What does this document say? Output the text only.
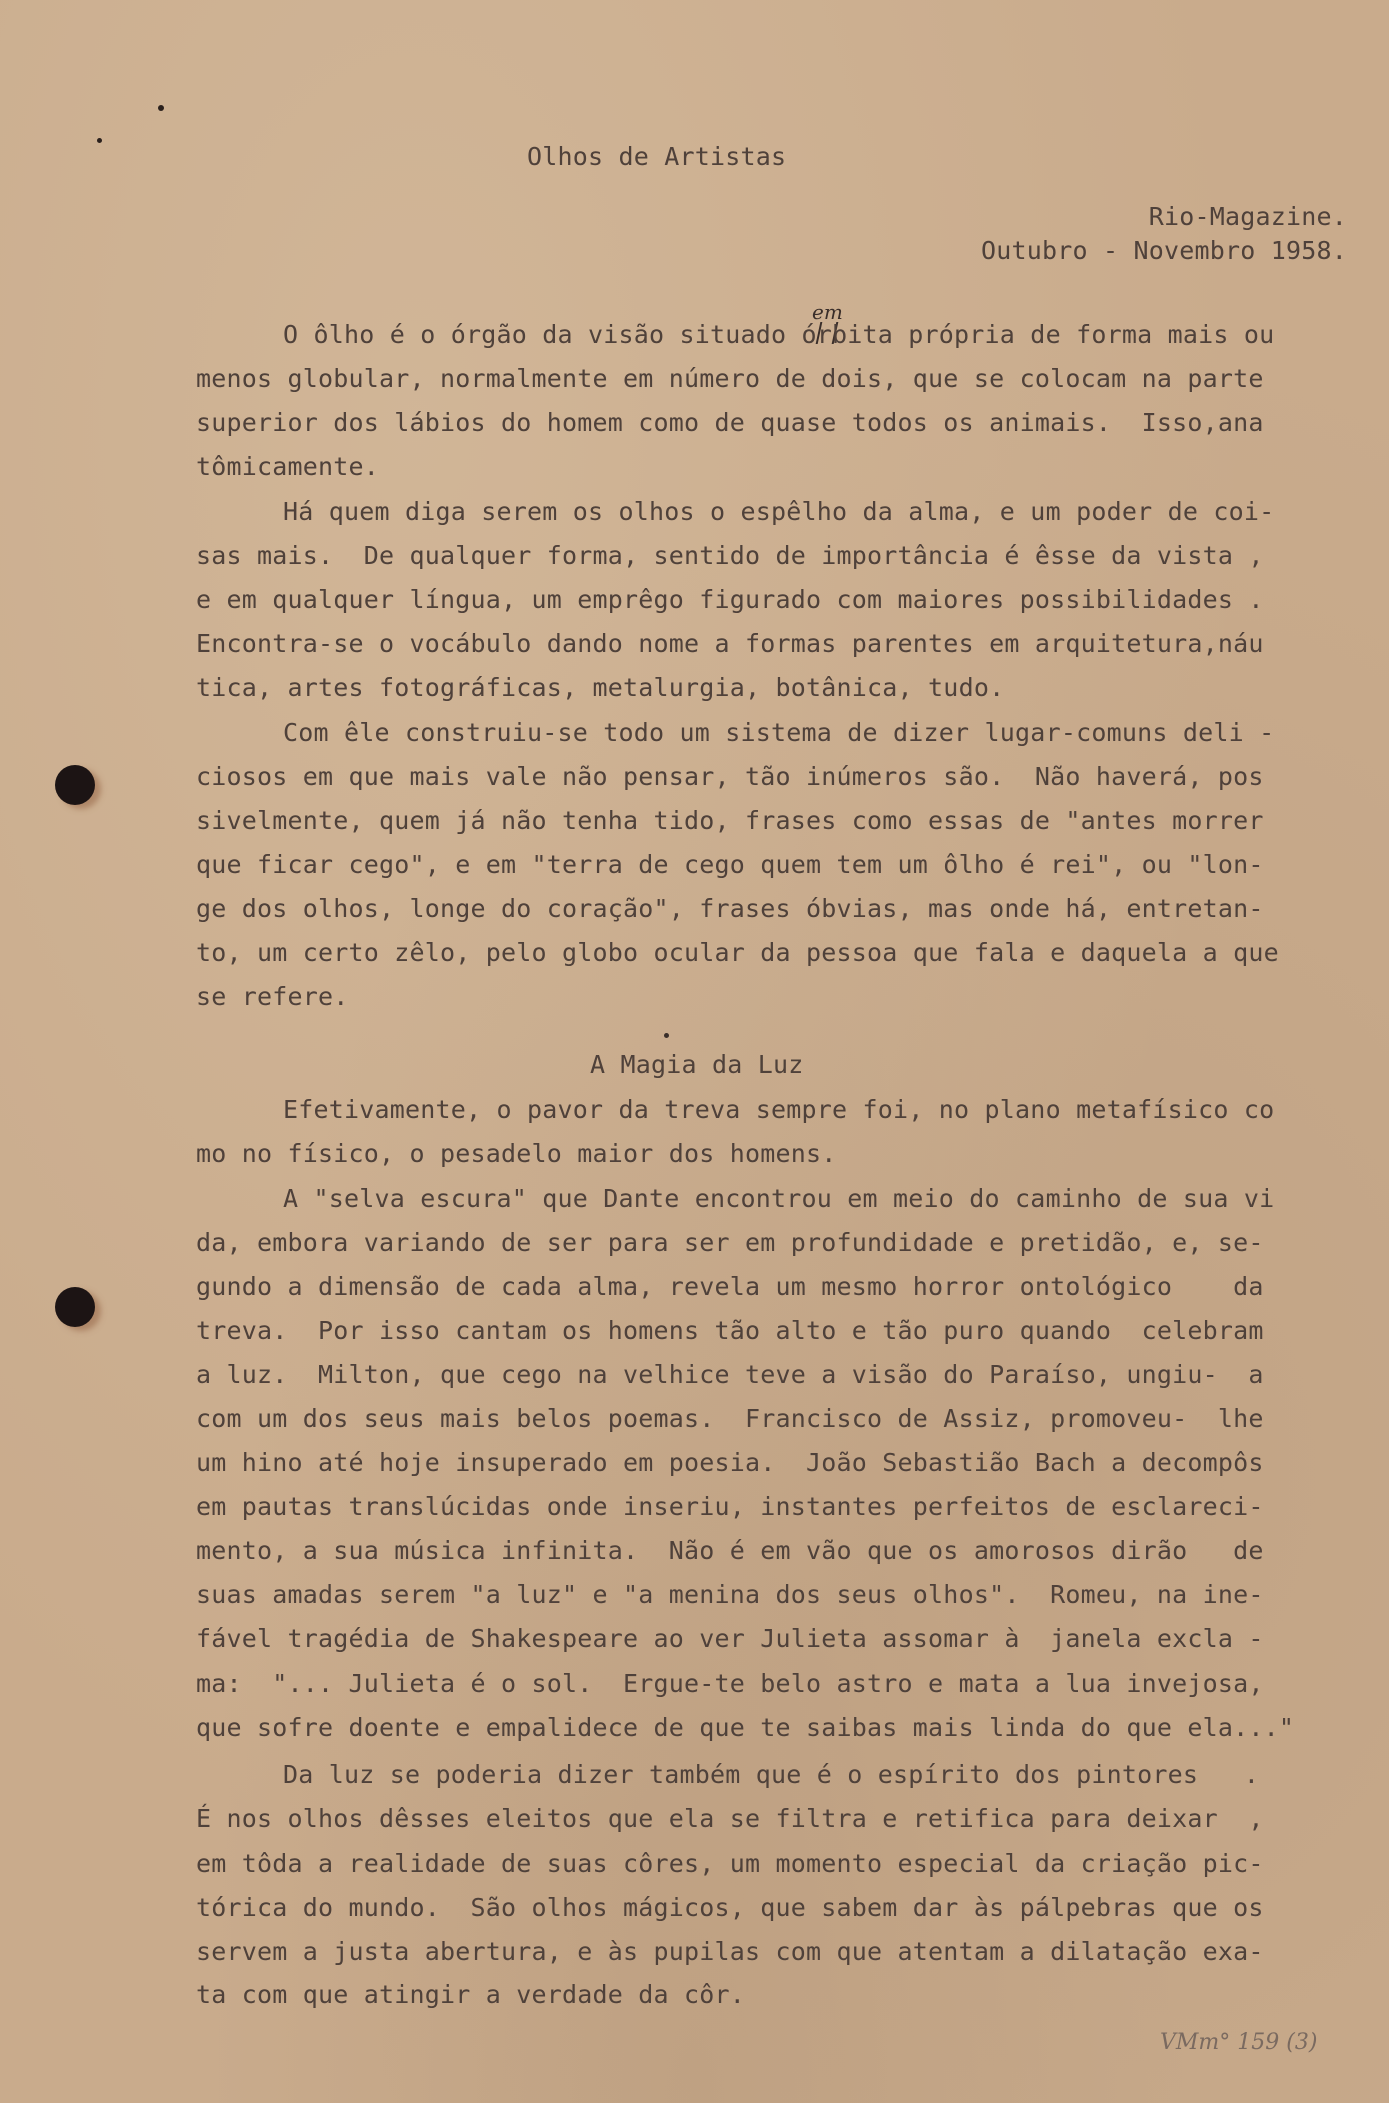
Olhos de Artistas
Rio-Magazine.
Outubro - Novembro 1958.
em
O ôlho é o órgão da visão situado órbita própria de forma mais ou
menos globular, normalmente em número de dois, que se colocam na parte
superior dos lábios do homem como de quase todos os animais.  Isso,ana
tômicamente.
Há quem diga serem os olhos o espêlho da alma, e um poder de coi-
sas mais.  De qualquer forma, sentido de importância é êsse da vista ,
e em qualquer língua, um emprêgo figurado com maiores possibilidades .
Encontra-se o vocábulo dando nome a formas parentes em arquitetura,náu
tica, artes fotográficas, metalurgia, botânica, tudo.
Com êle construiu-se todo um sistema de dizer lugar-comuns deli -
ciosos em que mais vale não pensar, tão inúmeros são.  Não haverá, pos
sivelmente, quem já não tenha tido, frases como essas de "antes morrer
que ficar cego", e em "terra de cego quem tem um ôlho é rei", ou "lon-
ge dos olhos, longe do coração", frases óbvias, mas onde há, entretan-
to, um certo zêlo, pelo globo ocular da pessoa que fala e daquela a que
se refere.
A Magia da Luz
Efetivamente, o pavor da treva sempre foi, no plano metafísico co
mo no físico, o pesadelo maior dos homens.
A "selva escura" que Dante encontrou em meio do caminho de sua vi
da, embora variando de ser para ser em profundidade e pretidão, e, se-
gundo a dimensão de cada alma, revela um mesmo horror ontológico    da
treva.  Por isso cantam os homens tão alto e tão puro quando  celebram
a luz.  Milton, que cego na velhice teve a visão do Paraíso, ungiu-  a
com um dos seus mais belos poemas.  Francisco de Assiz, promoveu-  lhe
um hino até hoje insuperado em poesia.  João Sebastião Bach a decompôs
em pautas translúcidas onde inseriu, instantes perfeitos de esclareci-
mento, a sua música infinita.  Não é em vão que os amorosos dirão   de
suas amadas serem "a luz" e "a menina dos seus olhos".  Romeu, na ine-
fável tragédia de Shakespeare ao ver Julieta assomar à  janela excla -
ma:  "... Julieta é o sol.  Ergue-te belo astro e mata a lua invejosa,
que sofre doente e empalidece de que te saibas mais linda do que ela..."
Da luz se poderia dizer também que é o espírito dos pintores   .
É nos olhos dêsses eleitos que ela se filtra e retifica para deixar  ,
em tôda a realidade de suas côres, um momento especial da criação pic-
tórica do mundo.  São olhos mágicos, que sabem dar às pálpebras que os
servem a justa abertura, e às pupilas com que atentam a dilatação exa-
ta com que atingir a verdade da côr.
VMm° 159 (3)
